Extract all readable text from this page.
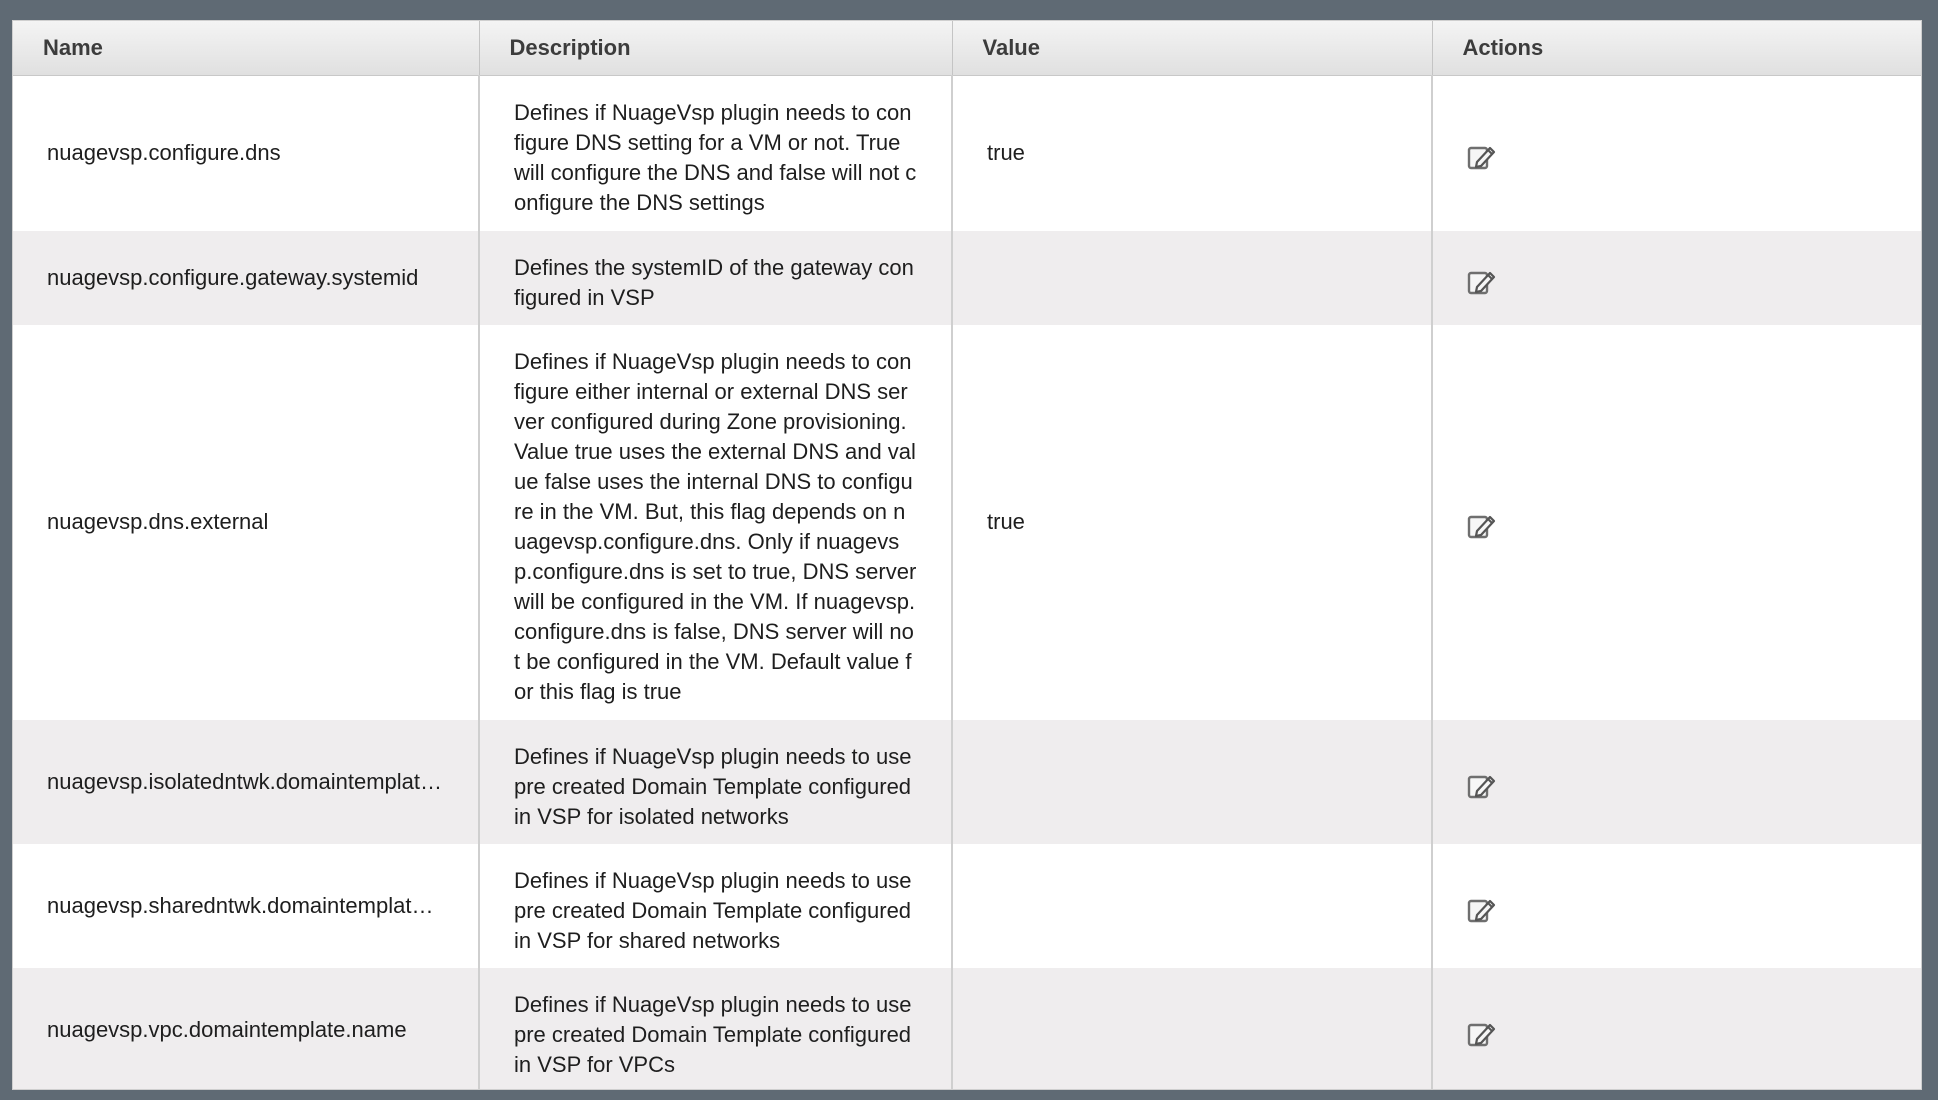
Name	Description	Value	Actions
nuagevsp.configure.dns	Defines if NuageVsp plugin needs to configure DNS setting for a VM or not. True will configure the DNS and false will not configure the DNS settings	true	

nuagevsp.configure.gateway.systemid	Defines the systemID of the gateway configured in VSP		

nuagevsp.dns.external	Defines if NuageVsp plugin needs to configure either internal or external DNS server configured during Zone provisioning. Value true uses the external DNS and value false uses the internal DNS to configure in the VM. But, this flag depends on nuagevsp.configure.dns. Only if nuagevsp.configure.dns is set to true, DNS server will be configured in the VM. If nuagevsp.configure.dns is false, DNS server will not be configured in the VM. Default value for this flag is true	true	

nuagevsp.isolatedntwk.domaintemplat…	Defines if NuageVsp plugin needs to use pre created Domain Template configured in VSP for isolated networks		

nuagevsp.sharedntwk.domaintemplat…	Defines if NuageVsp plugin needs to use pre created Domain Template configured in VSP for shared networks		

nuagevsp.vpc.domaintemplate.name	Defines if NuageVsp plugin needs to use pre created Domain Template configured in VSP for VPCs		
